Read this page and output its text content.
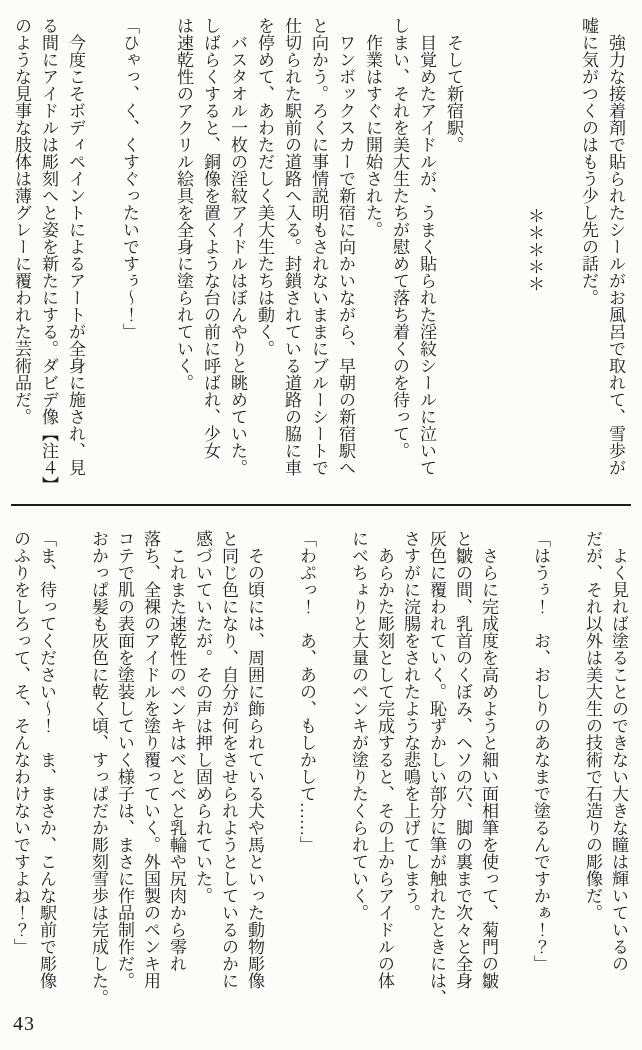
強力な接着剤で貼られたシールがお風呂で取れて、雪歩が

嘘に気がつくのはもう少し先の話だ。

＊＊＊＊＊

そして新宿駅。

目覚めたアイドルが、うまく貼られた淫紋シールに泣いて

しまい、それを美大生たちが慰めて落ち着くのを待って。

作業はすぐに開始された。

ワンボックスカーで新宿に向かいながら、早朝の新宿駅へ

と向かう。ろくに事情説明もされないままにブルーシートで

仕切られた駅前の道路へ入る。封鎖されている道路の脇に車

を停めて、あわただしく美大生たちは動く。

バスタオル一枚の淫紋アイドルはぼんやりと眺めていた。

しばらくすると、銅像を置くような台の前に呼ばれ、少女

は速乾性のアクリル絵具を全身に塗られていく。

「ひゃっ、く、くすぐったいですぅ～！」

今度こそボディペイントによるアートが全身に施され、見

る間にアイドルは彫刻へと姿を新たにする。ダビデ像【注４】

のような見事な肢体は薄グレーに覆われた芸術品だ。

よく見れば塗ることのできない大きな瞳は輝いているの

だが、それ以外は美大生の技術で石造りの彫像だ。

「はうぅ！　お、おしりのあなまで塗るんですかぁ！？」

さらに完成度を高めようと細い面相筆を使って、菊門の皺

と皺の間、乳首のくぼみ、ヘソの穴、脚の裏まで次々と全身

灰色に覆われていく。恥ずかしい部分に筆が触れたときには、

さすがに浣腸をされたような悲鳴を上げてしまう。

あらかた彫刻として完成すると、その上からアイドルの体

にべちょりと大量のペンキが塗りたくられていく。

「わぷっ！　あ、あの、もしかして……」

その頃には、周囲に飾られている犬や馬といった動物彫像

と同じ色になり、自分が何をさせられようとしているのかに

感づいていたが。その声は押し固められていた。

これまた速乾性のペンキはべとべと乳輪や尻肉から零れ

落ち、全裸のアイドルを塗り覆っていく。外国製のペンキ用

コテで肌の表面を塗装していく様子は、まさに作品制作だ。

おかっぱ髪も灰色に乾く頃、すっぱだか彫刻雪歩は完成した。

「ま、待ってください～！　ま、まさか、こんな駅前で彫像

のふりをしろって、そ、そんなわけないですよね！？」

43
